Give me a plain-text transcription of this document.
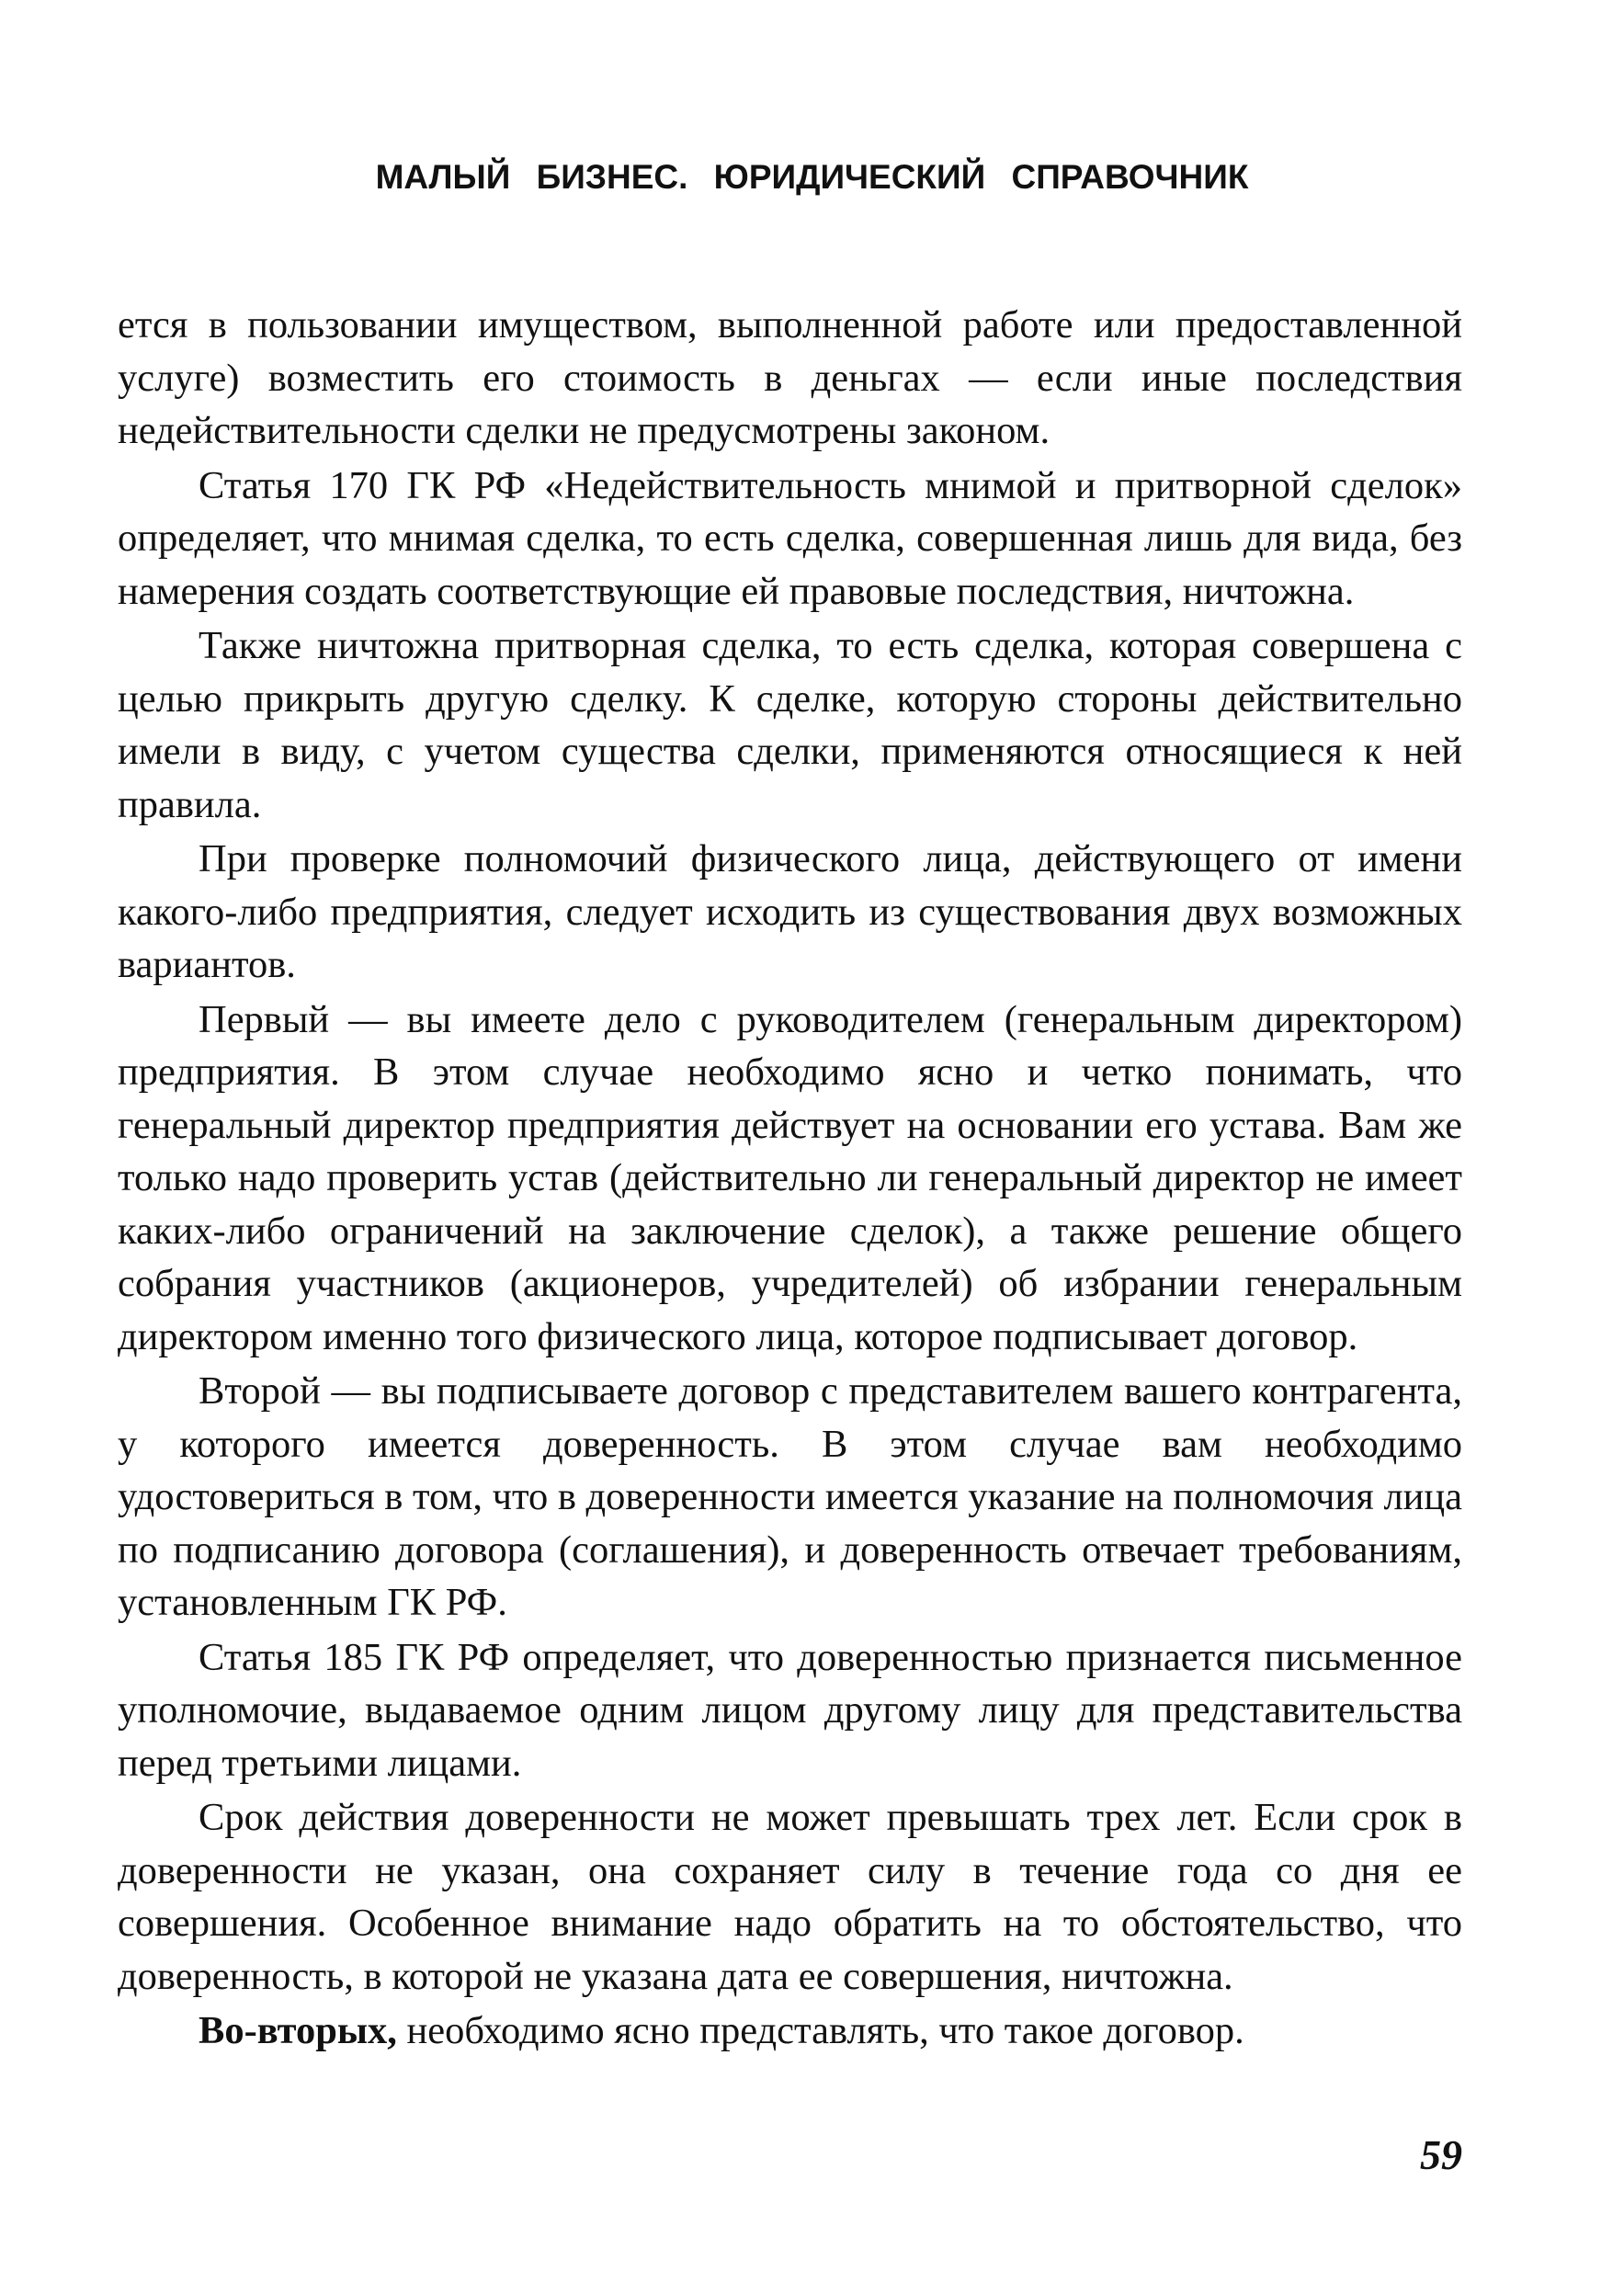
МАЛЫЙ БИЗНЕС. ЮРИДИЧЕСКИЙ СПРАВОЧНИК

ется в пользовании имуществом, выполненной работе или предоставленной услуге) возместить его стоимость в деньгах — если иные последствия недействительности сделки не предусмотрены законом.

Статья 170 ГК РФ «Недействительность мнимой и притворной сделок» определяет, что мнимая сделка, то есть сделка, совершенная лишь для вида, без намерения создать соответствующие ей правовые последствия, ничтожна.

Также ничтожна притворная сделка, то есть сделка, которая совершена с целью прикрыть другую сделку. К сделке, которую стороны действительно имели в виду, с учетом существа сделки, применяются относящиеся к ней правила.

При проверке полномочий физического лица, действующего от имени какого-либо предприятия, следует исходить из существования двух возможных вариантов.

Первый — вы имеете дело с руководителем (генеральным директором) предприятия. В этом случае необходимо ясно и четко понимать, что генеральный директор предприятия действует на основании его устава. Вам же только надо проверить устав (действительно ли генеральный директор не имеет каких-либо ограничений на заключение сделок), а также решение общего собрания участников (акционеров, учредителей) об избрании генеральным директором именно того физического лица, которое подписывает договор.

Второй — вы подписываете договор с представителем вашего контрагента, у которого имеется доверенность. В этом случае вам необходимо удостовериться в том, что в доверенности имеется указание на полномочия лица по подписанию договора (соглашения), и доверенность отвечает требованиям, установленным ГК РФ.

Статья 185 ГК РФ определяет, что доверенностью признается письменное уполномочие, выдаваемое одним лицом другому лицу для представительства перед третьими лицами.

Срок действия доверенности не может превышать трех лет. Если срок в доверенности не указан, она сохраняет силу в течение года со дня ее совершения. Особенное внимание надо обратить на то обстоятельство, что доверенность, в которой не указана дата ее совершения, ничтожна.

Во-вторых, необходимо ясно представлять, что такое договор.

59
